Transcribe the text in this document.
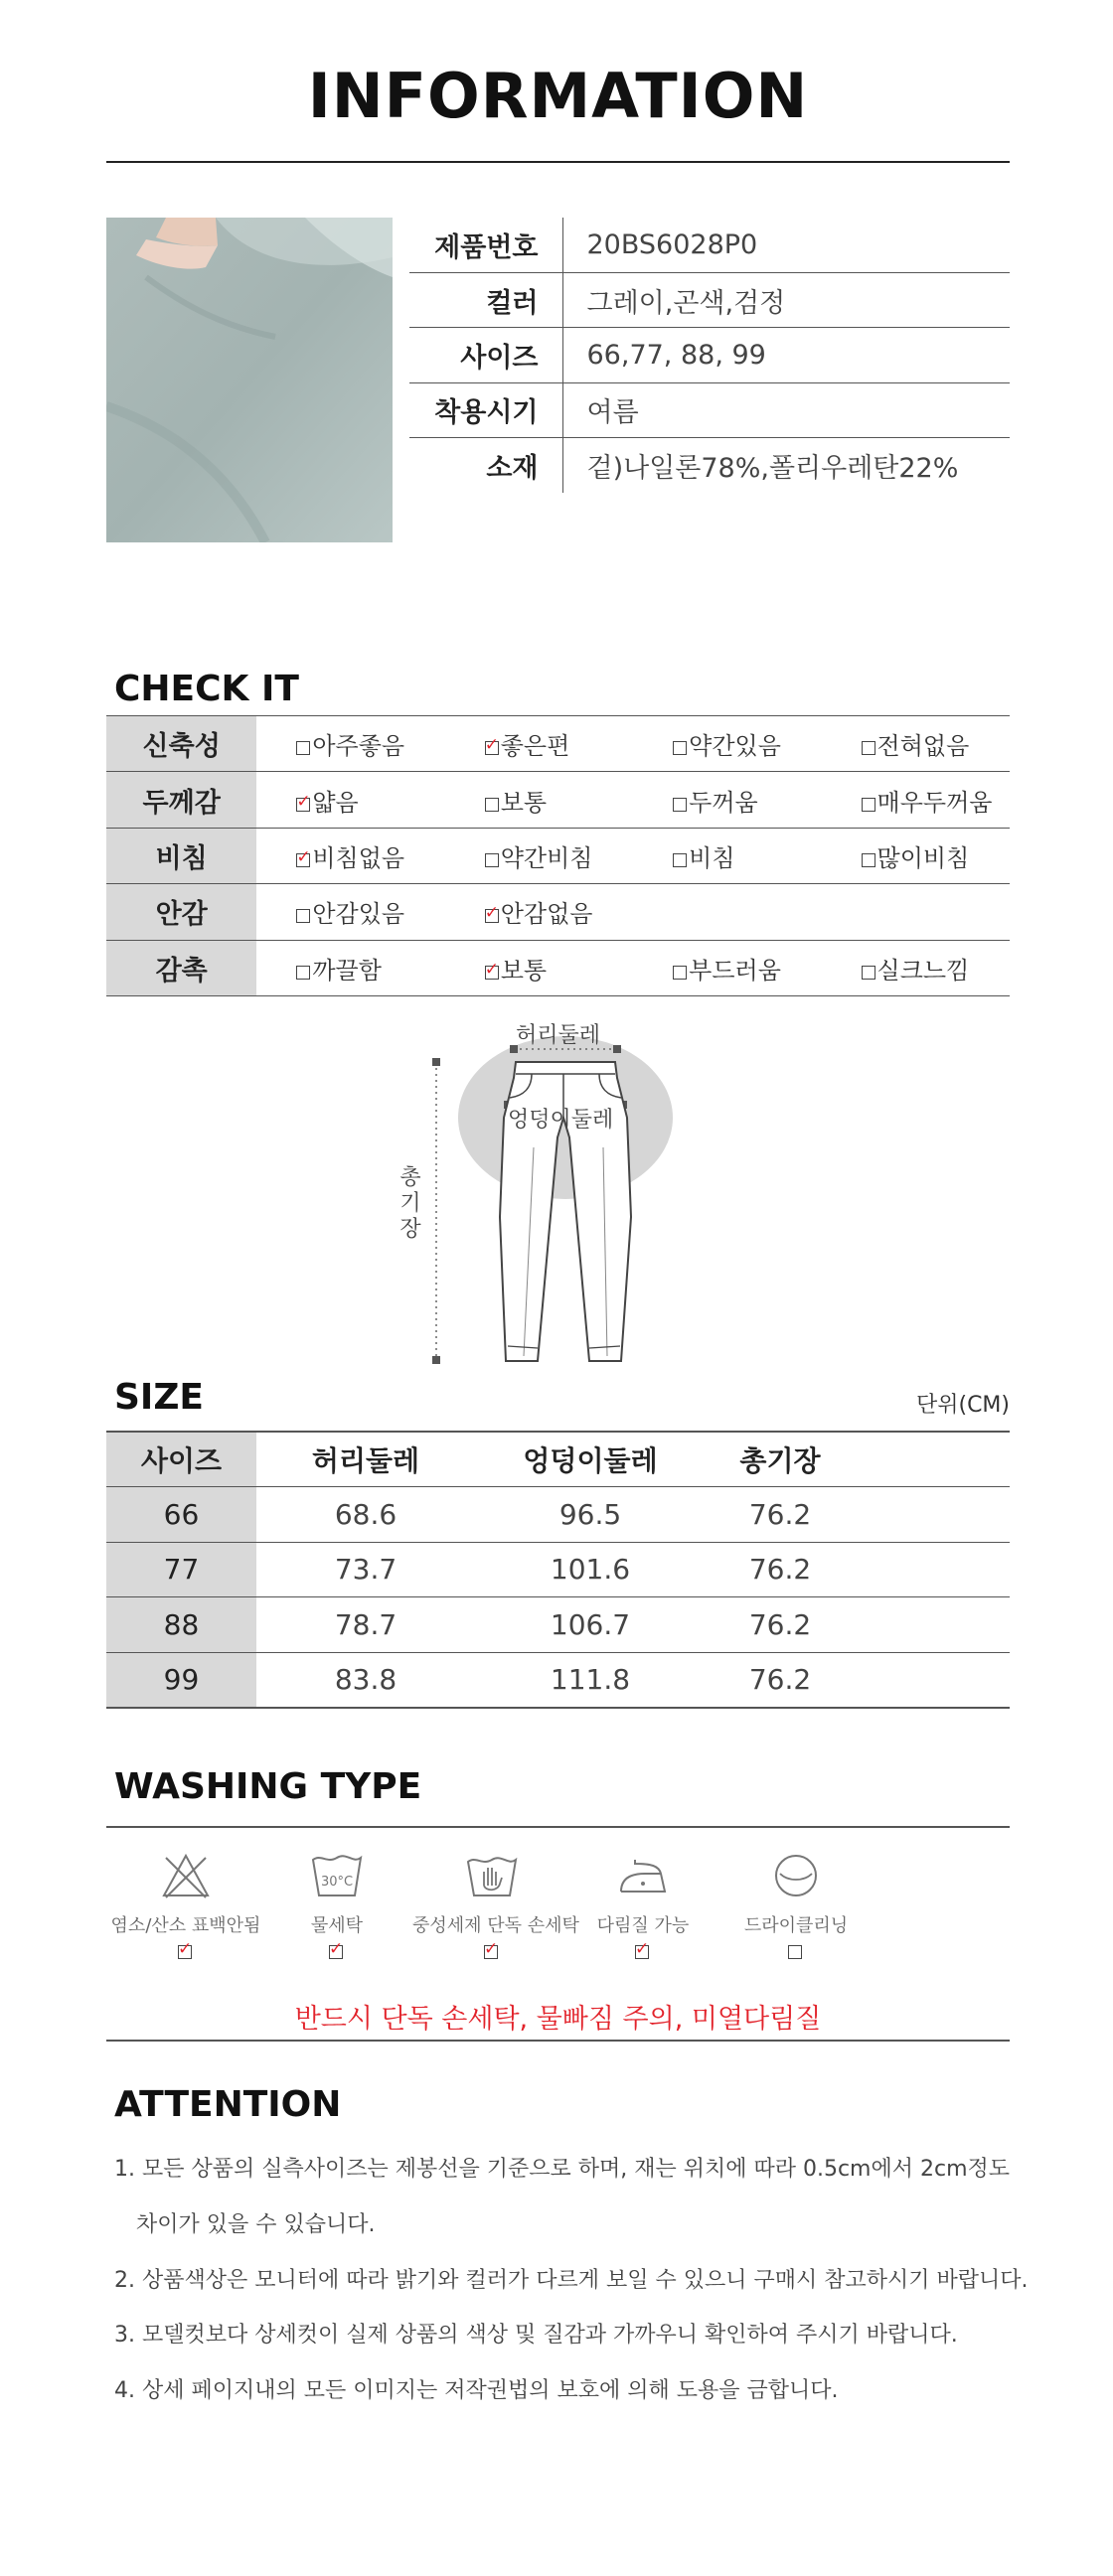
INFORMATION
제품번호	20BS6028P0
컬러	그레이,곤색,검정
사이즈	66,77, 88, 99
착용시기	여름
소재	겉)나일론78%,폴리우레탄22%
CHECK IT
신축성	아주좋음	✓좋은편	약간있음	전혀없음
두께감	✓얇음	보통	두꺼움	매우두꺼움
비침	✓비침없음	약간비침	비침	많이비침
안감	안감있음	✓안감없음		
감촉	까끌함	✓보통	부드러움	실크느낌
허리둘레
엉덩이둘레
총
기
장
SIZE	단위(CM)
사이즈	허리둘레	엉덩이둘레	총기장	
66	68.6	96.5	76.2	
77	73.7	101.6	76.2	
88	78.7	106.7	76.2	
99	83.8	111.8	76.2	
WASHING TYPE
염소/산소 표백안됨
✓
30°C
물세탁
✓	중성세제 단독 손세탁
✓ 다림질 가능
✓	드라이클리닝
반드시 단독 손세탁, 물빠짐 주의, 미열다림질
ATTENTION
1. 모든 상품의 실측사이즈는 제봉선을 기준으로 하며, 재는 위치에 따라 0.5cm에서 2cm정도
차이가 있을 수 있습니다.
2. 상품색상은 모니터에 따라 밝기와 컬러가 다르게 보일 수 있으니 구매시 참고하시기 바랍니다.
3. 모델컷보다 상세컷이 실제 상품의 색상 및 질감과 가까우니 확인하여 주시기 바랍니다.
4. 상세 페이지내의 모든 이미지는 저작권법의 보호에 의해 도용을 금합니다.
